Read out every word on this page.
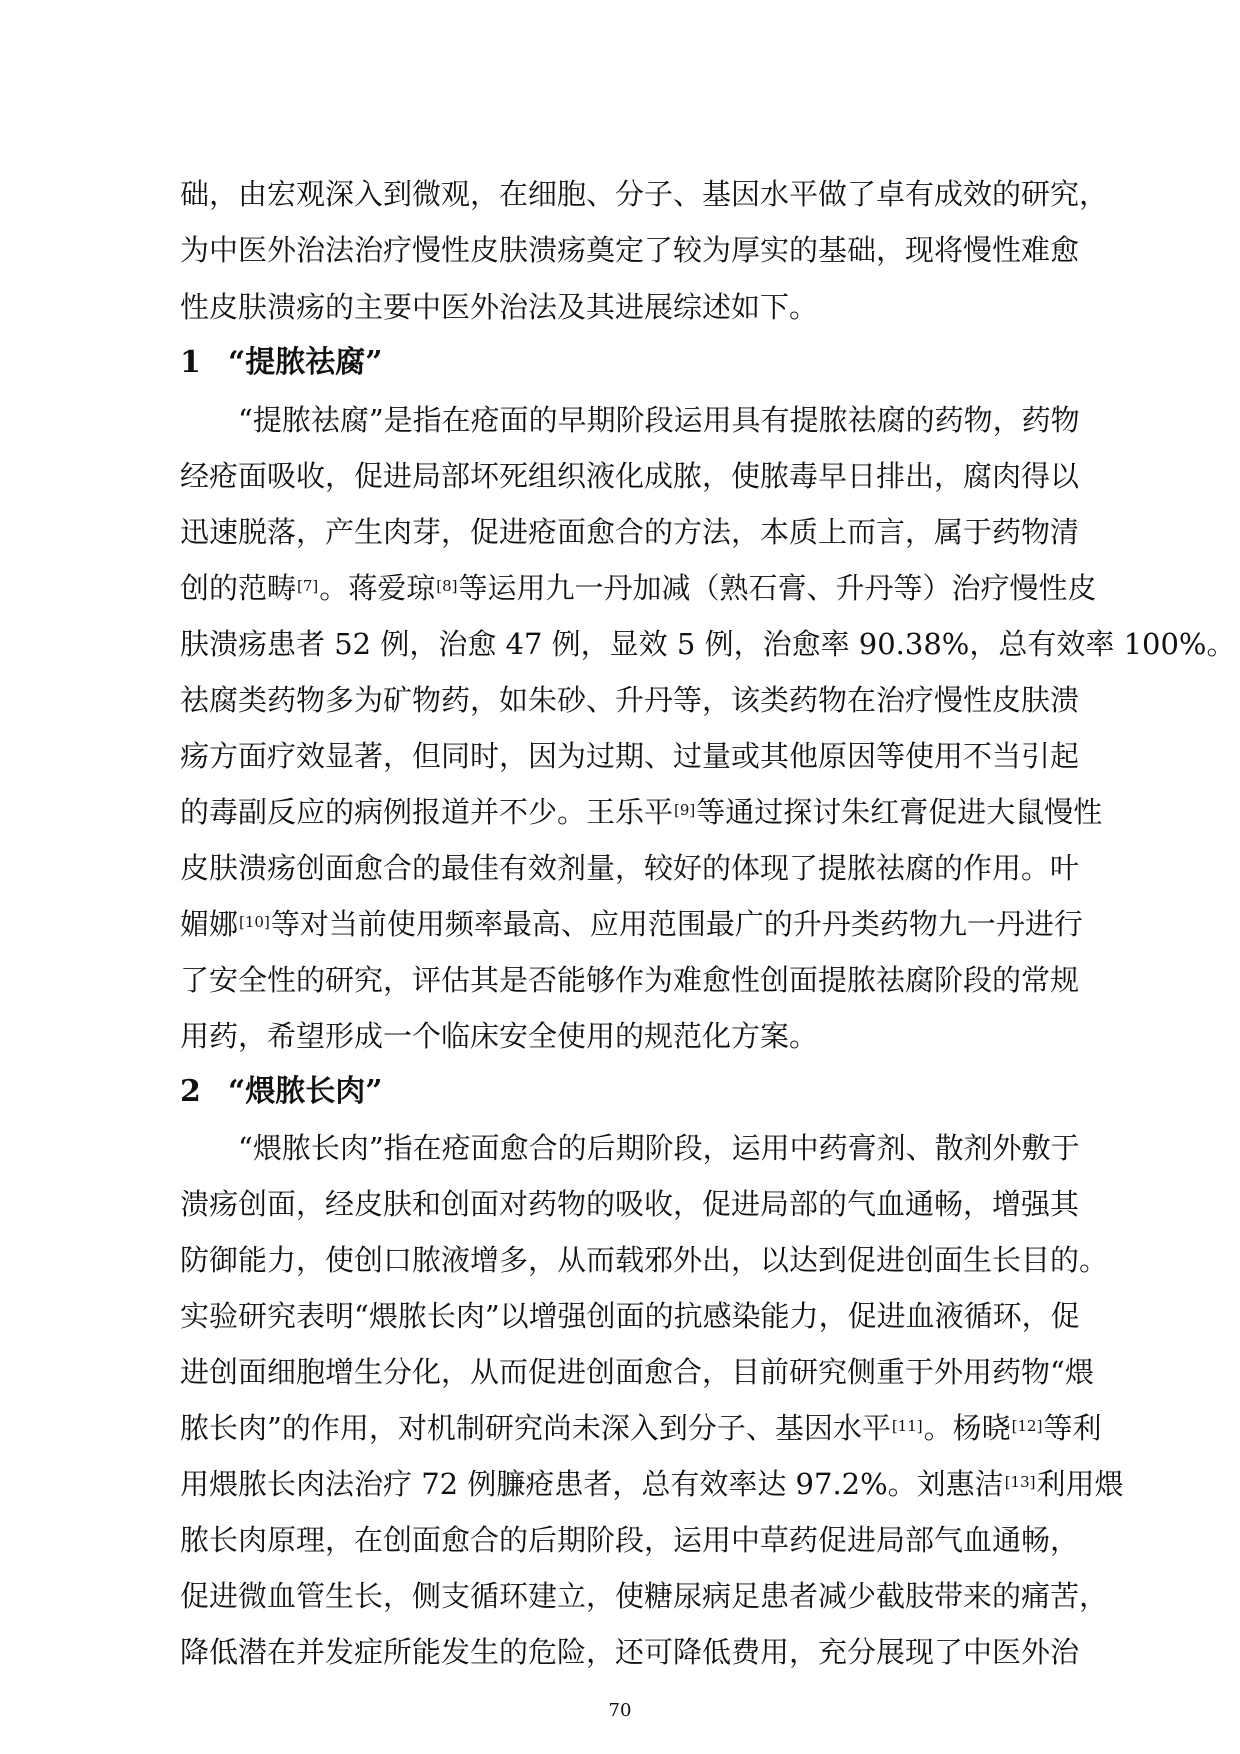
础，由宏观深入到微观，在细胞、分子、基因水平做了卓有成效的研究，
为中医外治法治疗慢性皮肤溃疡奠定了较为厚实的基础，现将慢性难愈
性皮肤溃疡的主要中医外治法及其进展综述如下。
1 “提脓祛腐”
“提脓祛腐”是指在疮面的早期阶段运用具有提脓祛腐的药物，药物
经疮面吸收，促进局部坏死组织液化成脓，使脓毒早日排出，腐肉得以
迅速脱落，产生肉芽，促进疮面愈合的方法，本质上而言，属于药物清
创的范畴[7]。蒋爱琼[8]等运用九一丹加减（熟石膏、升丹等）治疗慢性皮
肤溃疡患者 52 例，治愈 47 例，显效 5 例，治愈率 90.38%，总有效率 100%。
祛腐类药物多为矿物药，如朱砂、升丹等，该类药物在治疗慢性皮肤溃
疡方面疗效显著，但同时，因为过期、过量或其他原因等使用不当引起
的毒副反应的病例报道并不少。王乐平[9]等通过探讨朱红膏促进大鼠慢性
皮肤溃疡创面愈合的最佳有效剂量，较好的体现了提脓祛腐的作用。叶
媚娜[10]等对当前使用频率最高、应用范围最广的升丹类药物九一丹进行
了安全性的研究，评估其是否能够作为难愈性创面提脓祛腐阶段的常规
用药，希望形成一个临床安全使用的规范化方案。
2 “煨脓长肉”
“煨脓长肉”指在疮面愈合的后期阶段，运用中药膏剂、散剂外敷于
溃疡创面，经皮肤和创面对药物的吸收，促进局部的气血通畅，增强其
防御能力，使创口脓液增多，从而载邪外出，以达到促进创面生长目的。
实验研究表明“煨脓长肉”以增强创面的抗感染能力，促进血液循环，促
进创面细胞增生分化，从而促进创面愈合，目前研究侧重于外用药物“煨
脓长肉”的作用，对机制研究尚未深入到分子、基因水平[11]。杨晓[12]等利
用煨脓长肉法治疗 72 例臁疮患者，总有效率达 97.2%。刘惠洁[13]利用煨
脓长肉原理，在创面愈合的后期阶段，运用中草药促进局部气血通畅，
促进微血管生长，侧支循环建立，使糖尿病足患者减少截肢带来的痛苦，
降低潜在并发症所能发生的危险，还可降低费用，充分展现了中医外治
70
